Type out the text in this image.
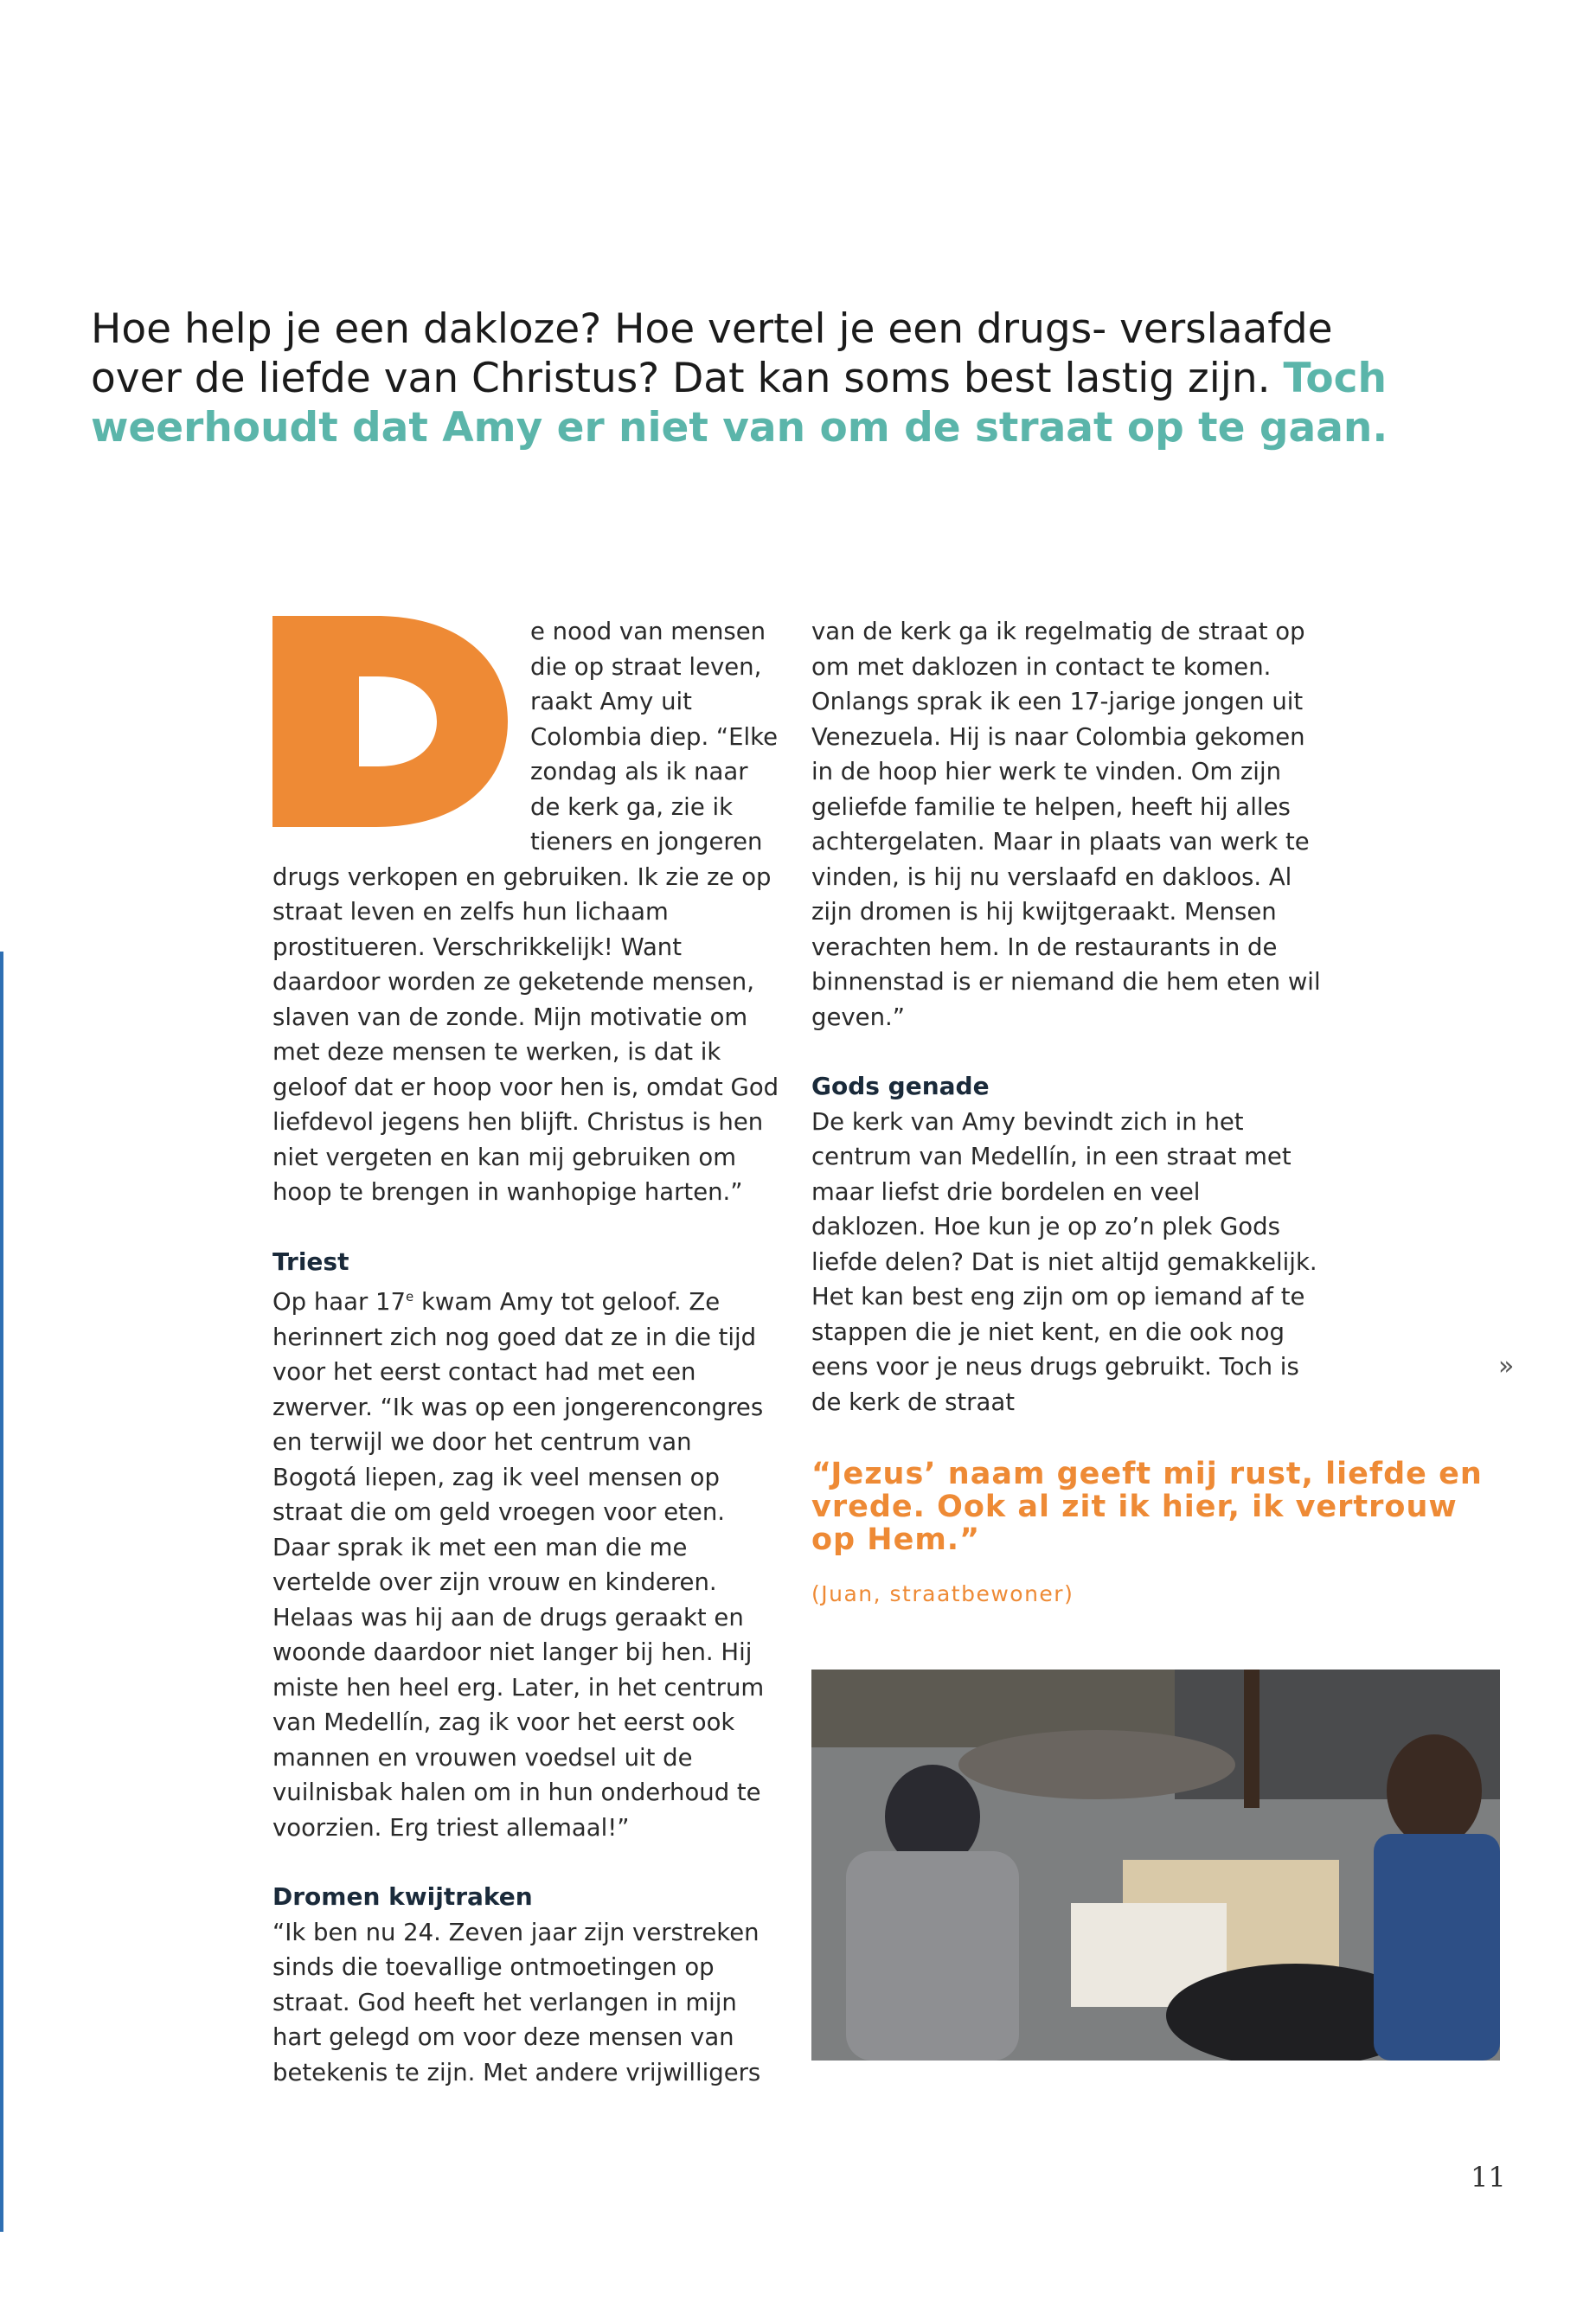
Hoe help je een dakloze? Hoe vertel je een drugs- verslaafde over de liefde van Christus? Dat kan soms best lastig zijn. Toch weerhoudt dat Amy er niet van om de straat op te gaan.

e nood van mensen die op straat leven, raakt Amy uit Colombia diep. “Elke zondag als ik naar de kerk ga, zie ik tieners en jongeren drugs verkopen en gebruiken. Ik zie ze op straat leven en zelfs hun lichaam prostitueren. Verschrikkelijk! Want daardoor worden ze geketende mensen, slaven van de zonde. Mijn motivatie om met deze mensen te werken, is dat ik geloof dat er hoop voor hen is, omdat God liefdevol jegens hen blijft. Christus is hen niet vergeten en kan mij gebruiken om hoop te brengen in wanhopige harten.”

Triest

Op haar 17e kwam Amy tot geloof. Ze herinnert zich nog goed dat ze in die tijd voor het eerst contact had met een zwerver. “Ik was op een jongerencongres en terwijl we door het centrum van Bogotá liepen, zag ik veel mensen op straat die om geld vroegen voor eten. Daar sprak ik met een man die me vertelde over zijn vrouw en kinderen. Helaas was hij aan de drugs geraakt en woonde daardoor niet langer bij hen. Hij miste hen heel erg. Later, in het centrum van Medellín, zag ik voor het eerst ook mannen en vrouwen voedsel uit de vuilnisbak halen om in hun onderhoud te voorzien. Erg triest allemaal!”

Dromen kwijtraken

“Ik ben nu 24. Zeven jaar zijn verstreken sinds die toevallige ontmoetingen op straat. God heeft het verlangen in mijn hart gelegd om voor deze mensen van betekenis te zijn. Met andere vrijwilligers

van de kerk ga ik regelmatig de straat op om met daklozen in contact te komen. Onlangs sprak ik een 17-jarige jongen uit Venezuela. Hij is naar Colombia gekomen in de hoop hier werk te vinden. Om zijn geliefde familie te helpen, heeft hij alles achtergelaten. Maar in plaats van werk te vinden, is hij nu verslaafd en dakloos. Al zijn dromen is hij kwijtgeraakt. Mensen verachten hem. In de restaurants in de binnenstad is er niemand die hem eten wil geven.”

Gods genade

De kerk van Amy bevindt zich in het centrum van Medellín, in een straat met maar liefst drie bordelen en veel daklozen. Hoe kun je op zo’n plek Gods liefde delen? Dat is niet altijd gemakkelijk. Het kan best eng zijn om op iemand af te stappen die je niet kent, en die ook nog eens voor je neus drugs gebruikt. Toch is de kerk de straat

»
“Jezus’ naam geeft mij rust, liefde en vrede. Ook al zit ik hier, ik vertrouw op Hem.”
(Juan, straatbewoner)
11
